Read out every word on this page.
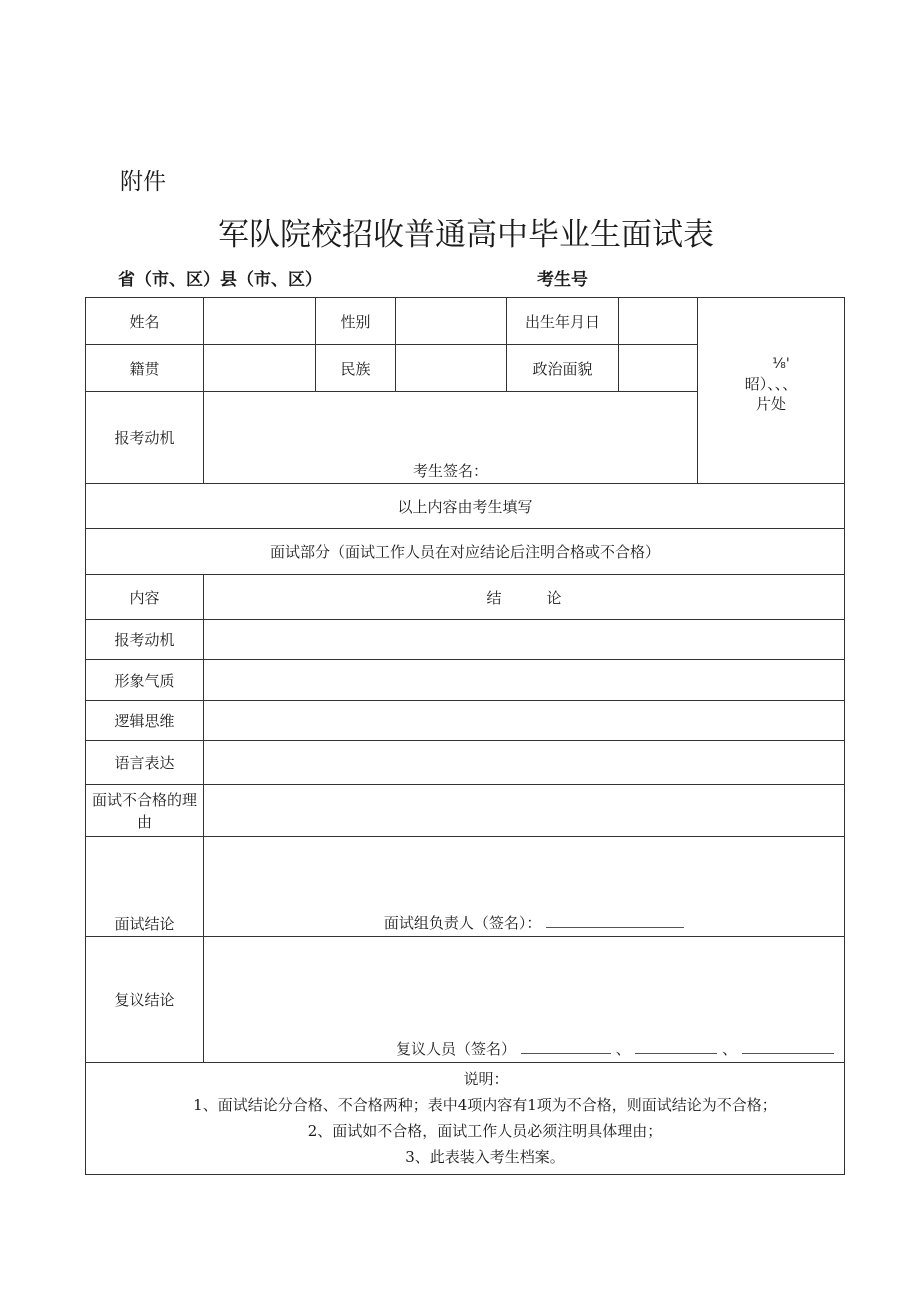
附件
军队院校招收普通高中毕业生面试表
省（市、区）县（市、区）	考生号
姓名		性别		出生年月日		⅛'
昭）、、、
片处

籍贯		民族		政治面貌		
报考动机	考生签名：					

以上内容由考生填写						
面试部分（面试工作人员在对应结论后注明合格或不合格）						
内容	结　　　论					
报考动机						
形象气质						
逻辑思维						
语言表达						
面试不合格的理由						
面试结论	面试组负责人（签名）：					

复议结论	复议人员（签名） 、 、					

说明：
1、面试结论分合格、不合格两种；表中4项内容有1项为不合格，则面试结论为不合格；
2、面试如不合格，面试工作人员必须注明具体理由；
3、此表装入考生档案。						
